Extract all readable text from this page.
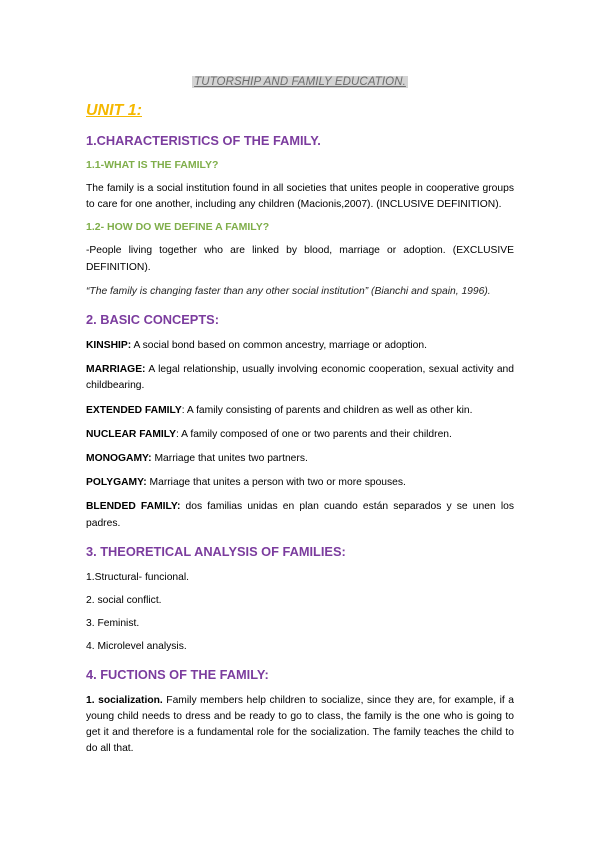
TUTORSHIP AND FAMILY EDUCATION.
UNIT 1:
1.CHARACTERISTICS OF THE FAMILY.
1.1-WHAT IS THE FAMILY?

The family is a social institution found in all societies that unites people in cooperative groups to care for one another, including any children (Macionis,2007). (INCLUSIVE DEFINITION).

1.2- HOW DO WE DEFINE A FAMILY?

-People living together who are linked by blood, marriage or adoption. (EXCLUSIVE DEFINITION).

“The family is changing faster than any other social institution” (Bianchi and spain, 1996).

2. BASIC CONCEPTS:

KINSHIP: A social bond based on common ancestry, marriage or adoption.

MARRIAGE: A legal relationship, usually involving economic cooperation, sexual activity and childbearing.

EXTENDED FAMILY: A family consisting of parents and children as well as other kin.

NUCLEAR FAMILY: A family composed of one or two parents and their children.

MONOGAMY: Marriage that unites two partners.

POLYGAMY: Marriage that unites a person with two or more spouses.

BLENDED FAMILY: dos familias unidas en plan cuando están separados y se unen los padres.

3. THEORETICAL ANALYSIS OF FAMILIES:
1.Structural- funcional.
2. social conflict.
3. Feminist.
4. Microlevel analysis.
4. FUCTIONS OF THE FAMILY:

1. socialization. Family members help children to socialize, since they are, for example, if a young child needs to dress and be ready to go to class, the family is the one who is going to get it and therefore is a fundamental role for the socialization. The family teaches the child to do all that.
